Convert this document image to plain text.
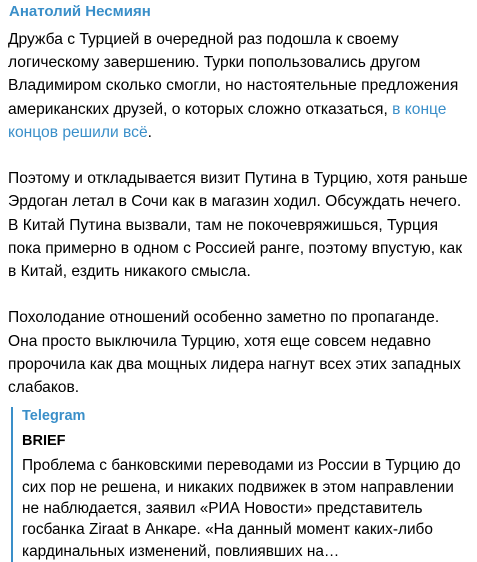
Анатолий Несмиян

Дружба с Турцией в очередной раз подошла к своему логическому завершению. Турки попользовались другом Владимиром сколько смогли, но настоятельные предложения американских друзей, о которых сложно отказаться, в конце концов решили всё.

Поэтому и откладывается визит Путина в Турцию, хотя раньше Эрдоган летал в Сочи как в магазин ходил. Обсуждать нечего. В Китай Путина вызвали, там не покочевряжишься, Турция пока примерно в одном с Россией ранге, поэтому впустую, как в Китай, ездить никакого смысла.

Похолодание отношений особенно заметно по пропаганде. Она просто выключила Турцию, хотя еще совсем недавно пророчила как два мощных лидера нагнут всех этих западных слабаков.

Telegram
BRIEF
Проблема с банковскими переводами из России в Турцию до сих пор не решена, и никаких подвижек в этом направлении не наблюдается, заявил «РИА Новости» представитель госбанка Ziraat в Анкаре. «На данный момент каких-либо кардинальных изменений, повлиявших на…
